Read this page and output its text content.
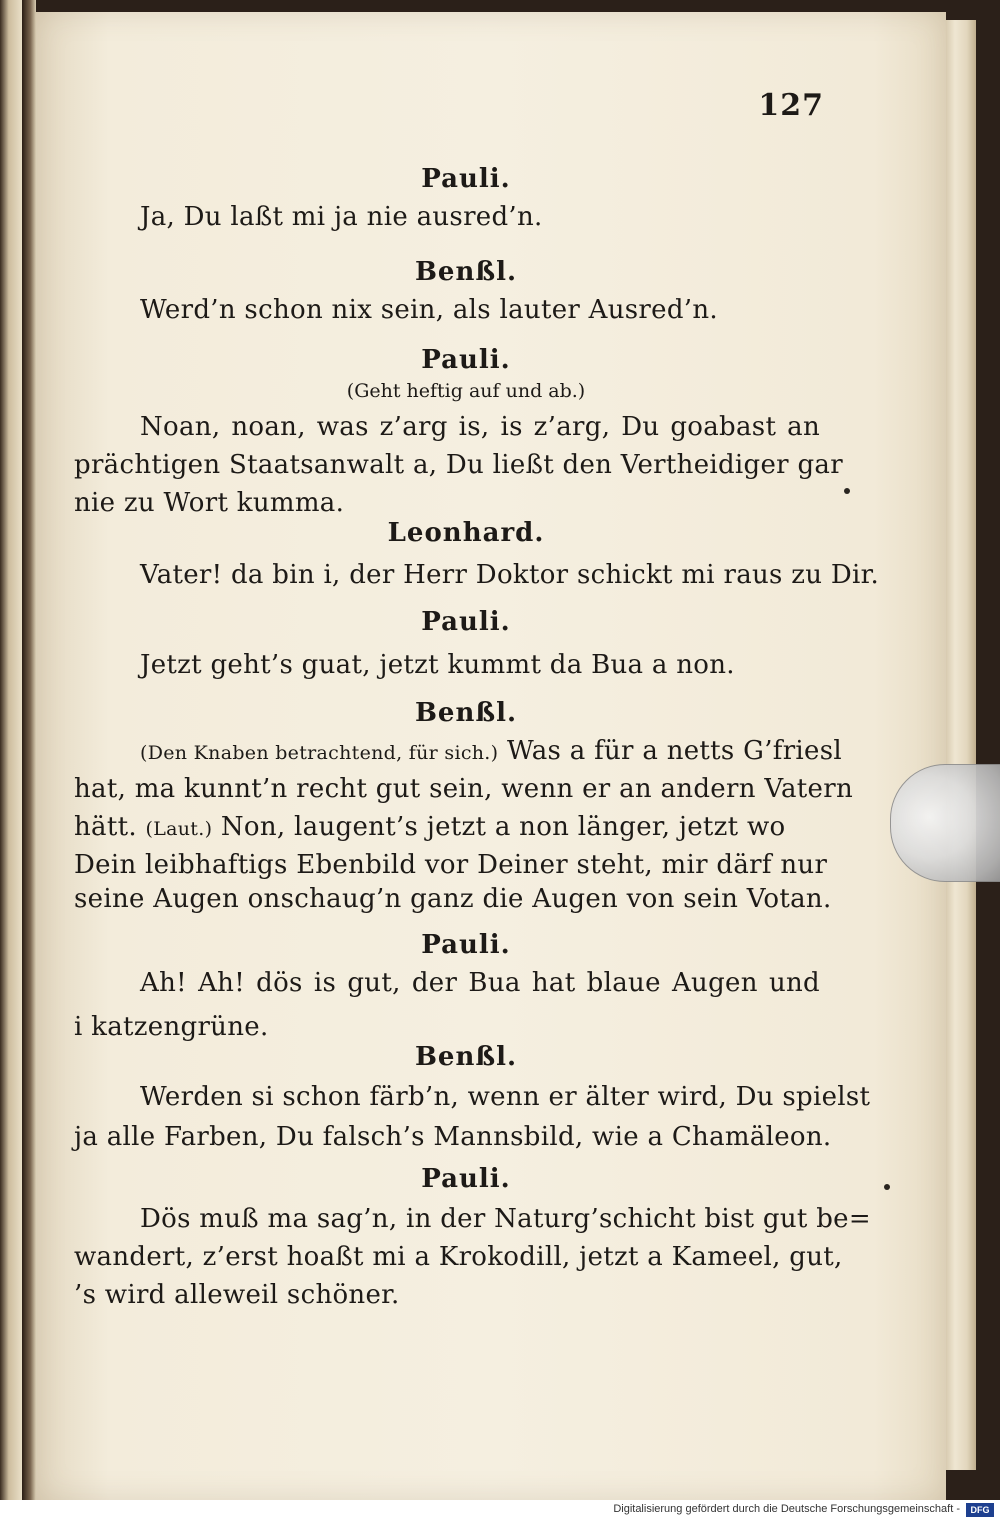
127
Pauli.
Ja, Du laßt mi ja nie ausred’n.
Benßl.
Werd’n schon nix sein, als lauter Ausred’n.
Pauli.
(Geht heftig auf und ab.)
Noan, noan, was z’arg is, is z’arg, Du goabast an
prächtigen Staatsanwalt a, Du ließt den Vertheidiger gar
nie zu Wort kumma.
Leonhard.
Vater! da bin i, der Herr Doktor schickt mi raus zu Dir.
Pauli.
Jetzt geht’s guat, jetzt kummt da Bua a non.
Benßl.
(Den Knaben betrachtend, für sich.) Was a für a netts G’friesl
hat, ma kunnt’n recht gut sein, wenn er an andern Vatern
hätt. (Laut.) Non, laugent’s jetzt a non länger, jetzt wo
Dein leibhaftigs Ebenbild vor Deiner steht, mir därf nur
seine Augen onschaug’n ganz die Augen von sein Votan.
Pauli.
Ah! Ah! dös is gut, der Bua hat blaue Augen und
i katzengrüne.
Benßl.
Werden si schon färb’n, wenn er älter wird, Du spielst
ja alle Farben, Du falsch’s Mannsbild, wie a Chamäleon.
Pauli.
Dös muß ma sag’n, in der Naturg’schicht bist gut be=
wandert, z’erst hoaßt mi a Krokodill, jetzt a Kameel, gut,
’s wird alleweil schöner.
Digitalisierung gefördert durch die Deutsche Forschungsgemeinschaft -	DFG
